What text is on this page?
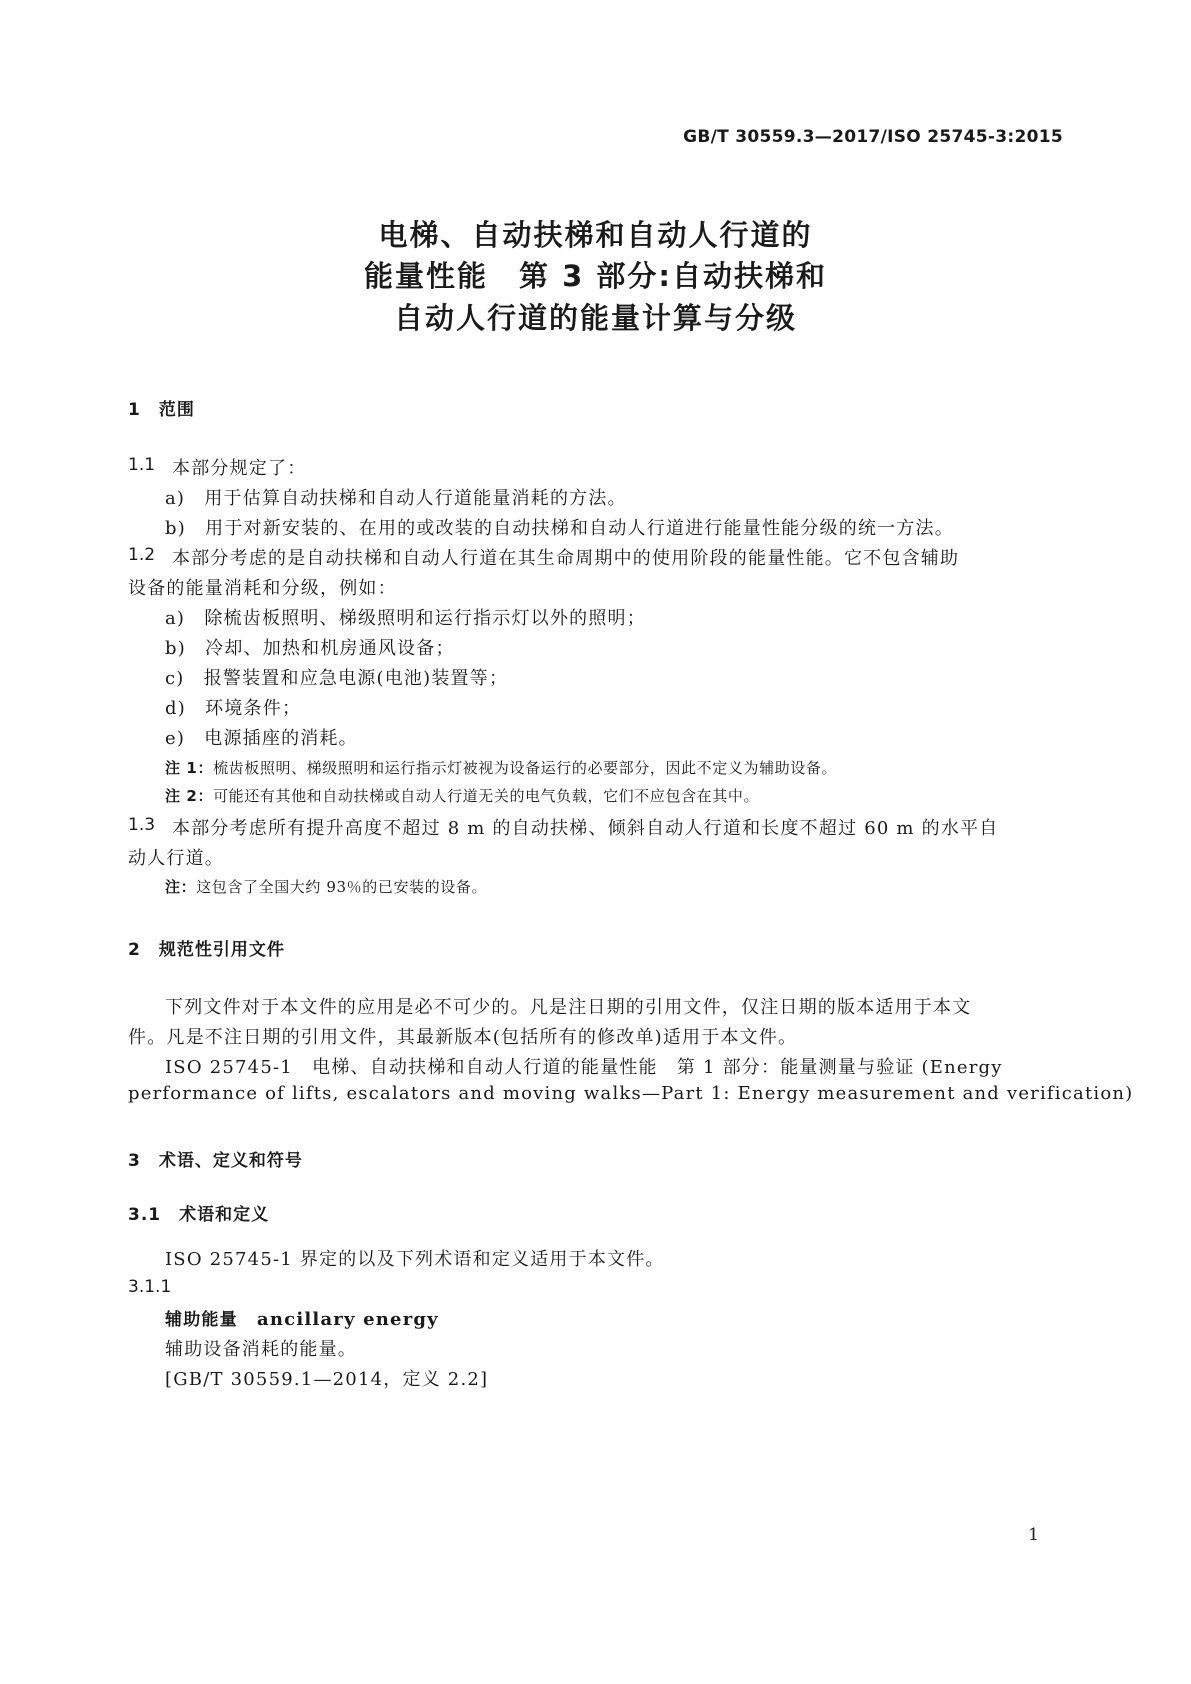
GB/T 30559.3—2017/ISO 25745-3:2015
电梯、自动扶梯和自动人行道的
能量性能　第 3 部分:自动扶梯和
自动人行道的能量计算与分级
1　范围
1.1 本部分规定了：
a)　用于估算自动扶梯和自动人行道能量消耗的方法。
b)　用于对新安装的、在用的或改装的自动扶梯和自动人行道进行能量性能分级的统一方法。
1.2 本部分考虑的是自动扶梯和自动人行道在其生命周期中的使用阶段的能量性能。它不包含辅助
设备的能量消耗和分级，例如：
a)　除梳齿板照明、梯级照明和运行指示灯以外的照明；
b)　冷却、加热和机房通风设备；
c)　报警装置和应急电源(电池)装置等；
d)　环境条件；
e)　电源插座的消耗。
注 1：梳齿板照明、梯级照明和运行指示灯被视为设备运行的必要部分，因此不定义为辅助设备。
注 2：可能还有其他和自动扶梯或自动人行道无关的电气负载，它们不应包含在其中。
1.3 本部分考虑所有提升高度不超过 8 m 的自动扶梯、倾斜自动人行道和长度不超过 60 m 的水平自
动人行道。
注：这包含了全国大约 93％的已安装的设备。
2　规范性引用文件
下列文件对于本文件的应用是必不可少的。凡是注日期的引用文件，仅注日期的版本适用于本文
件。凡是不注日期的引用文件，其最新版本(包括所有的修改单)适用于本文件。
ISO 25745-1　电梯、自动扶梯和自动人行道的能量性能　第 1 部分：能量测量与验证 (Energy
performance of lifts, escalators and moving walks—Part 1: Energy measurement and verification)
3　术语、定义和符号
3.1　术语和定义
ISO 25745-1 界定的以及下列术语和定义适用于本文件。
3.1.1
辅助能量　 ancillary energy
辅助设备消耗的能量。
[GB/T 30559.1—2014，定义 2.2]
1
